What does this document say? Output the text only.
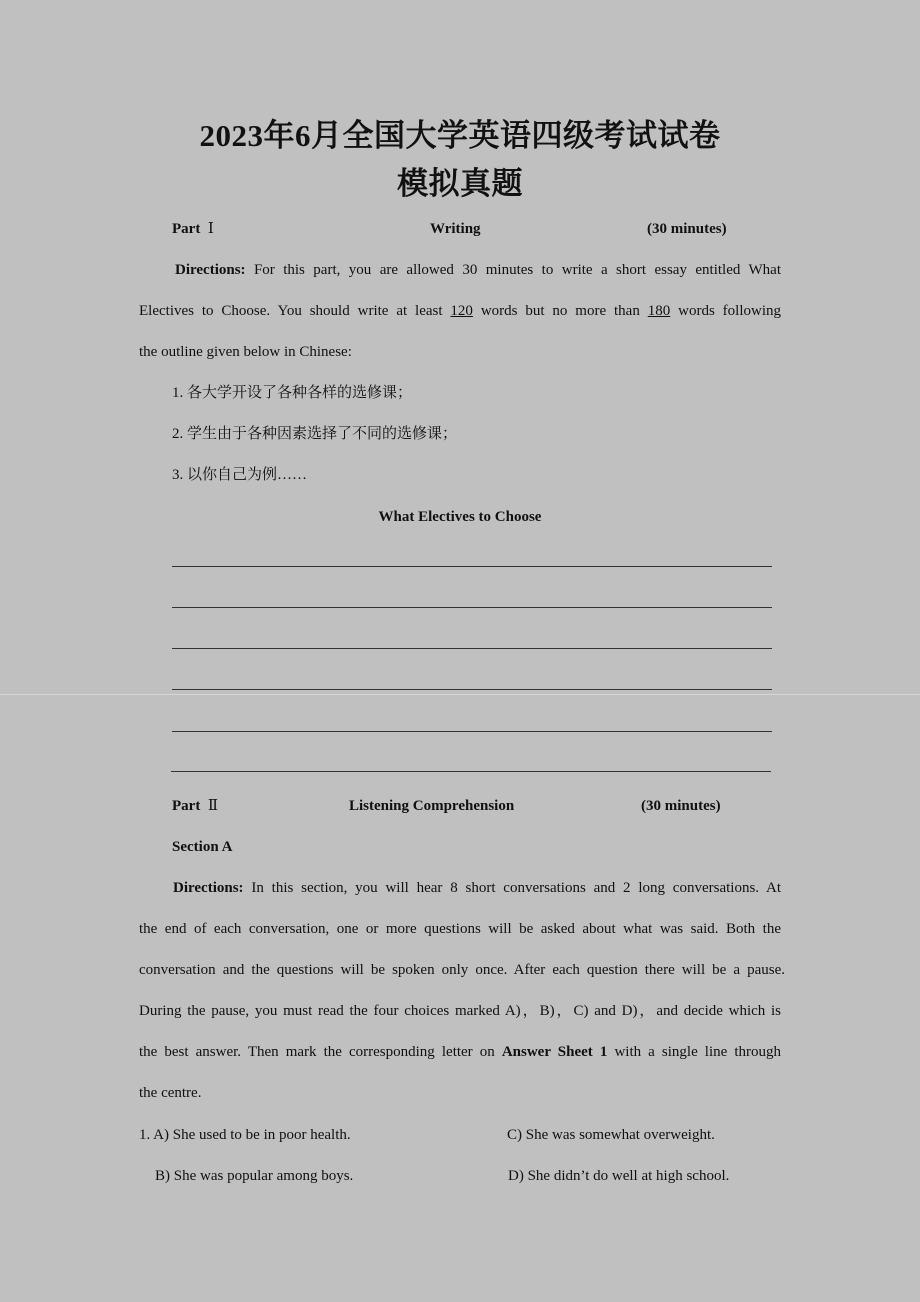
2023年6月全国大学英语四级考试试卷
模拟真题
Part Ⅰ	Writing	(30 minutes)
Directions: For this part, you are allowed 30 minutes to write a short essay entitled What
Electives to Choose. You should write at least 120 words but no more than 180 words following
the outline given below in Chinese:
1. 各大学开设了各种各样的选修课；
2. 学生由于各种因素选择了不同的选修课；
3. 以你自己为例……
What Electives to Choose
Part Ⅱ	Listening Comprehension	(30 minutes)
Section A
Directions: In this section, you will hear 8 short conversations and 2 long conversations. At
the end of each conversation, one or more questions will be asked about what was said. Both the
conversation and the questions will be spoken only once. After each question there will be a pause.
During the pause, you must read the four choices marked A)，B)，C) and D)，and decide which is
the best answer. Then mark the corresponding letter on Answer Sheet 1 with a single line through
the centre.
1. A) She used to be in poor health.	C) She was somewhat overweight.
B) She was popular among boys.	D) She didn’t do well at high school.
